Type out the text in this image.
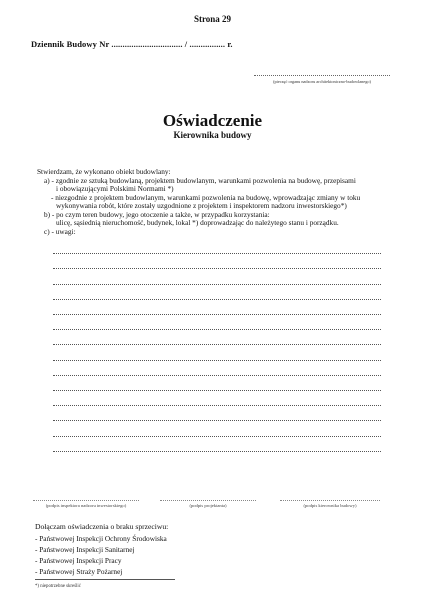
Strona 29
Dziennik Budowy Nr ................................ / ................ r.
(pieczęć organu nadzoru architektoniczno-budowlanego)
Oświadczenie
Kierownika budowy
Stwierdzam, że wykonano obiekt budowlany:
a) - zgodnie ze sztuką budowlaną, projektem budowlanym, warunkami pozwolenia na budowę, przepisami
i obowiązującymi Polskimi Normami *)
- niezgodnie z projektem budowlanym, warunkami pozwolenia na budowę, wprowadzając zmiany w toku
wykonywania robót, które zostały uzgodnione z projektem i inspektorem nadzoru inwestorskiego*)
b) - po czym teren budowy, jego otoczenie a także, w przypadku korzystania:
ulicę, sąsiednią nieruchomość, budynek, lokal *) doprowadzając do należytego stanu i porządku.
c) - uwagi:
(podpis inspektora nadzoru inwestorskiego)	(podpis projektanta)	(podpis kierownika budowy)
Dołączam oświadczenia o braku sprzeciwu:
- Państwowej Inspekcji Ochrony Środowiska
- Państwowej Inspekcji Sanitarnej
- Państwowej Inspekcji Pracy
- Państwowej Straży Pożarnej
*) niepotrzebne skreślić
